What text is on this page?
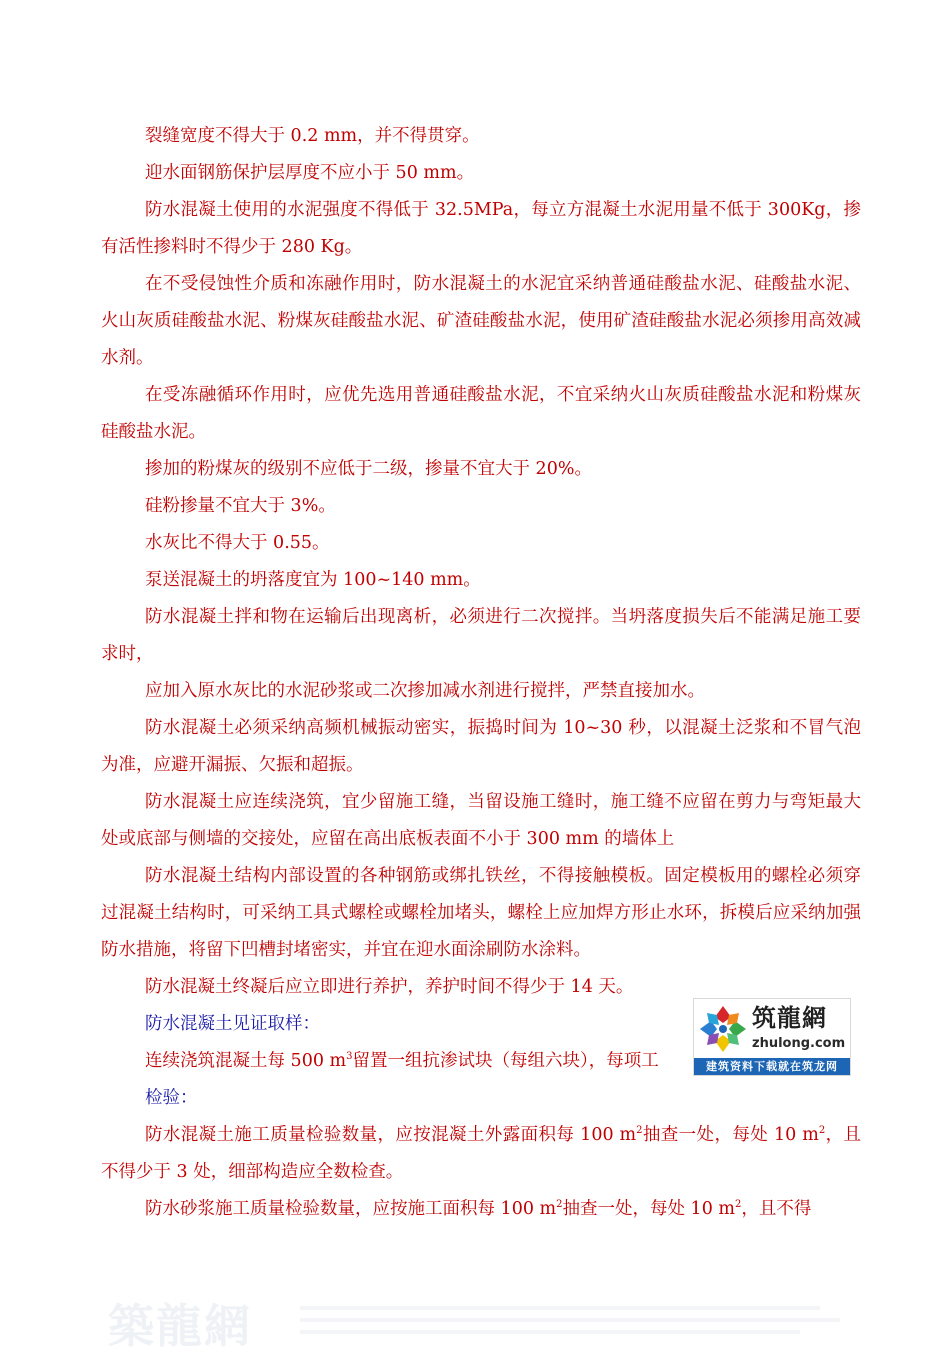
裂缝宽度不得大于 0.2 mm，并不得贯穿。

迎水面钢筋保护层厚度不应小于 50 mm。

防水混凝土使用的水泥强度不得低于 32.5MPa，每立方混凝土水泥用量不低于 300Kg，掺有活性掺料时不得少于 280 Kg。

在不受侵蚀性介质和冻融作用时，防水混凝土的水泥宜采纳普通硅酸盐水泥、硅酸盐水泥、火山灰质硅酸盐水泥、粉煤灰硅酸盐水泥、矿渣硅酸盐水泥，使用矿渣硅酸盐水泥必须掺用高效减水剂。

在受冻融循环作用时，应优先选用普通硅酸盐水泥，不宜采纳火山灰质硅酸盐水泥和粉煤灰硅酸盐水泥。

掺加的粉煤灰的级别不应低于二级，掺量不宜大于 20%。

硅粉掺量不宜大于 3%。

水灰比不得大于 0.55。

泵送混凝土的坍落度宜为 100~140 mm。

防水混凝土拌和物在运输后出现离析，必须进行二次搅拌。当坍落度损失后不能满足施工要求时，

应加入原水灰比的水泥砂浆或二次掺加减水剂进行搅拌，严禁直接加水。

防水混凝土必须采纳高频机械振动密实，振捣时间为 10~30 秒，以混凝土泛浆和不冒气泡为准，应避开漏振、欠振和超振。

防水混凝土应连续浇筑，宜少留施工缝，当留设施工缝时，施工缝不应留在剪力与弯矩最大处或底部与侧墙的交接处，应留在高出底板表面不小于 300 mm 的墙体上

防水混凝土结构内部设置的各种钢筋或绑扎铁丝，不得接触模板。固定模板用的螺栓必须穿过混凝土结构时，可采纳工具式螺栓或螺栓加堵头，螺栓上应加焊方形止水环，拆模后应采纳加强防水措施，将留下凹槽封堵密实，并宜在迎水面涂刷防水涂料。

防水混凝土终凝后应立即进行养护，养护时间不得少于 14 天。

防水混凝土见证取样：

连续浇筑混凝土每 500 $m^3$留置一组抗渗试块（每组六块），每项工

检验：

防水混凝土施工质量检验数量，应按混凝土外露面积每 100 $m^2$抽查一处，每处 10 $m^2$，且不得少于 3 处，细部构造应全数检查。

防水砂浆施工质量检验数量，应按施工面积每 100 $m^2$抽查一处，每处 10 $m^2$，且不得

筑龍網
zhulong.com
建筑资料下载就在筑龙网
築龍網
